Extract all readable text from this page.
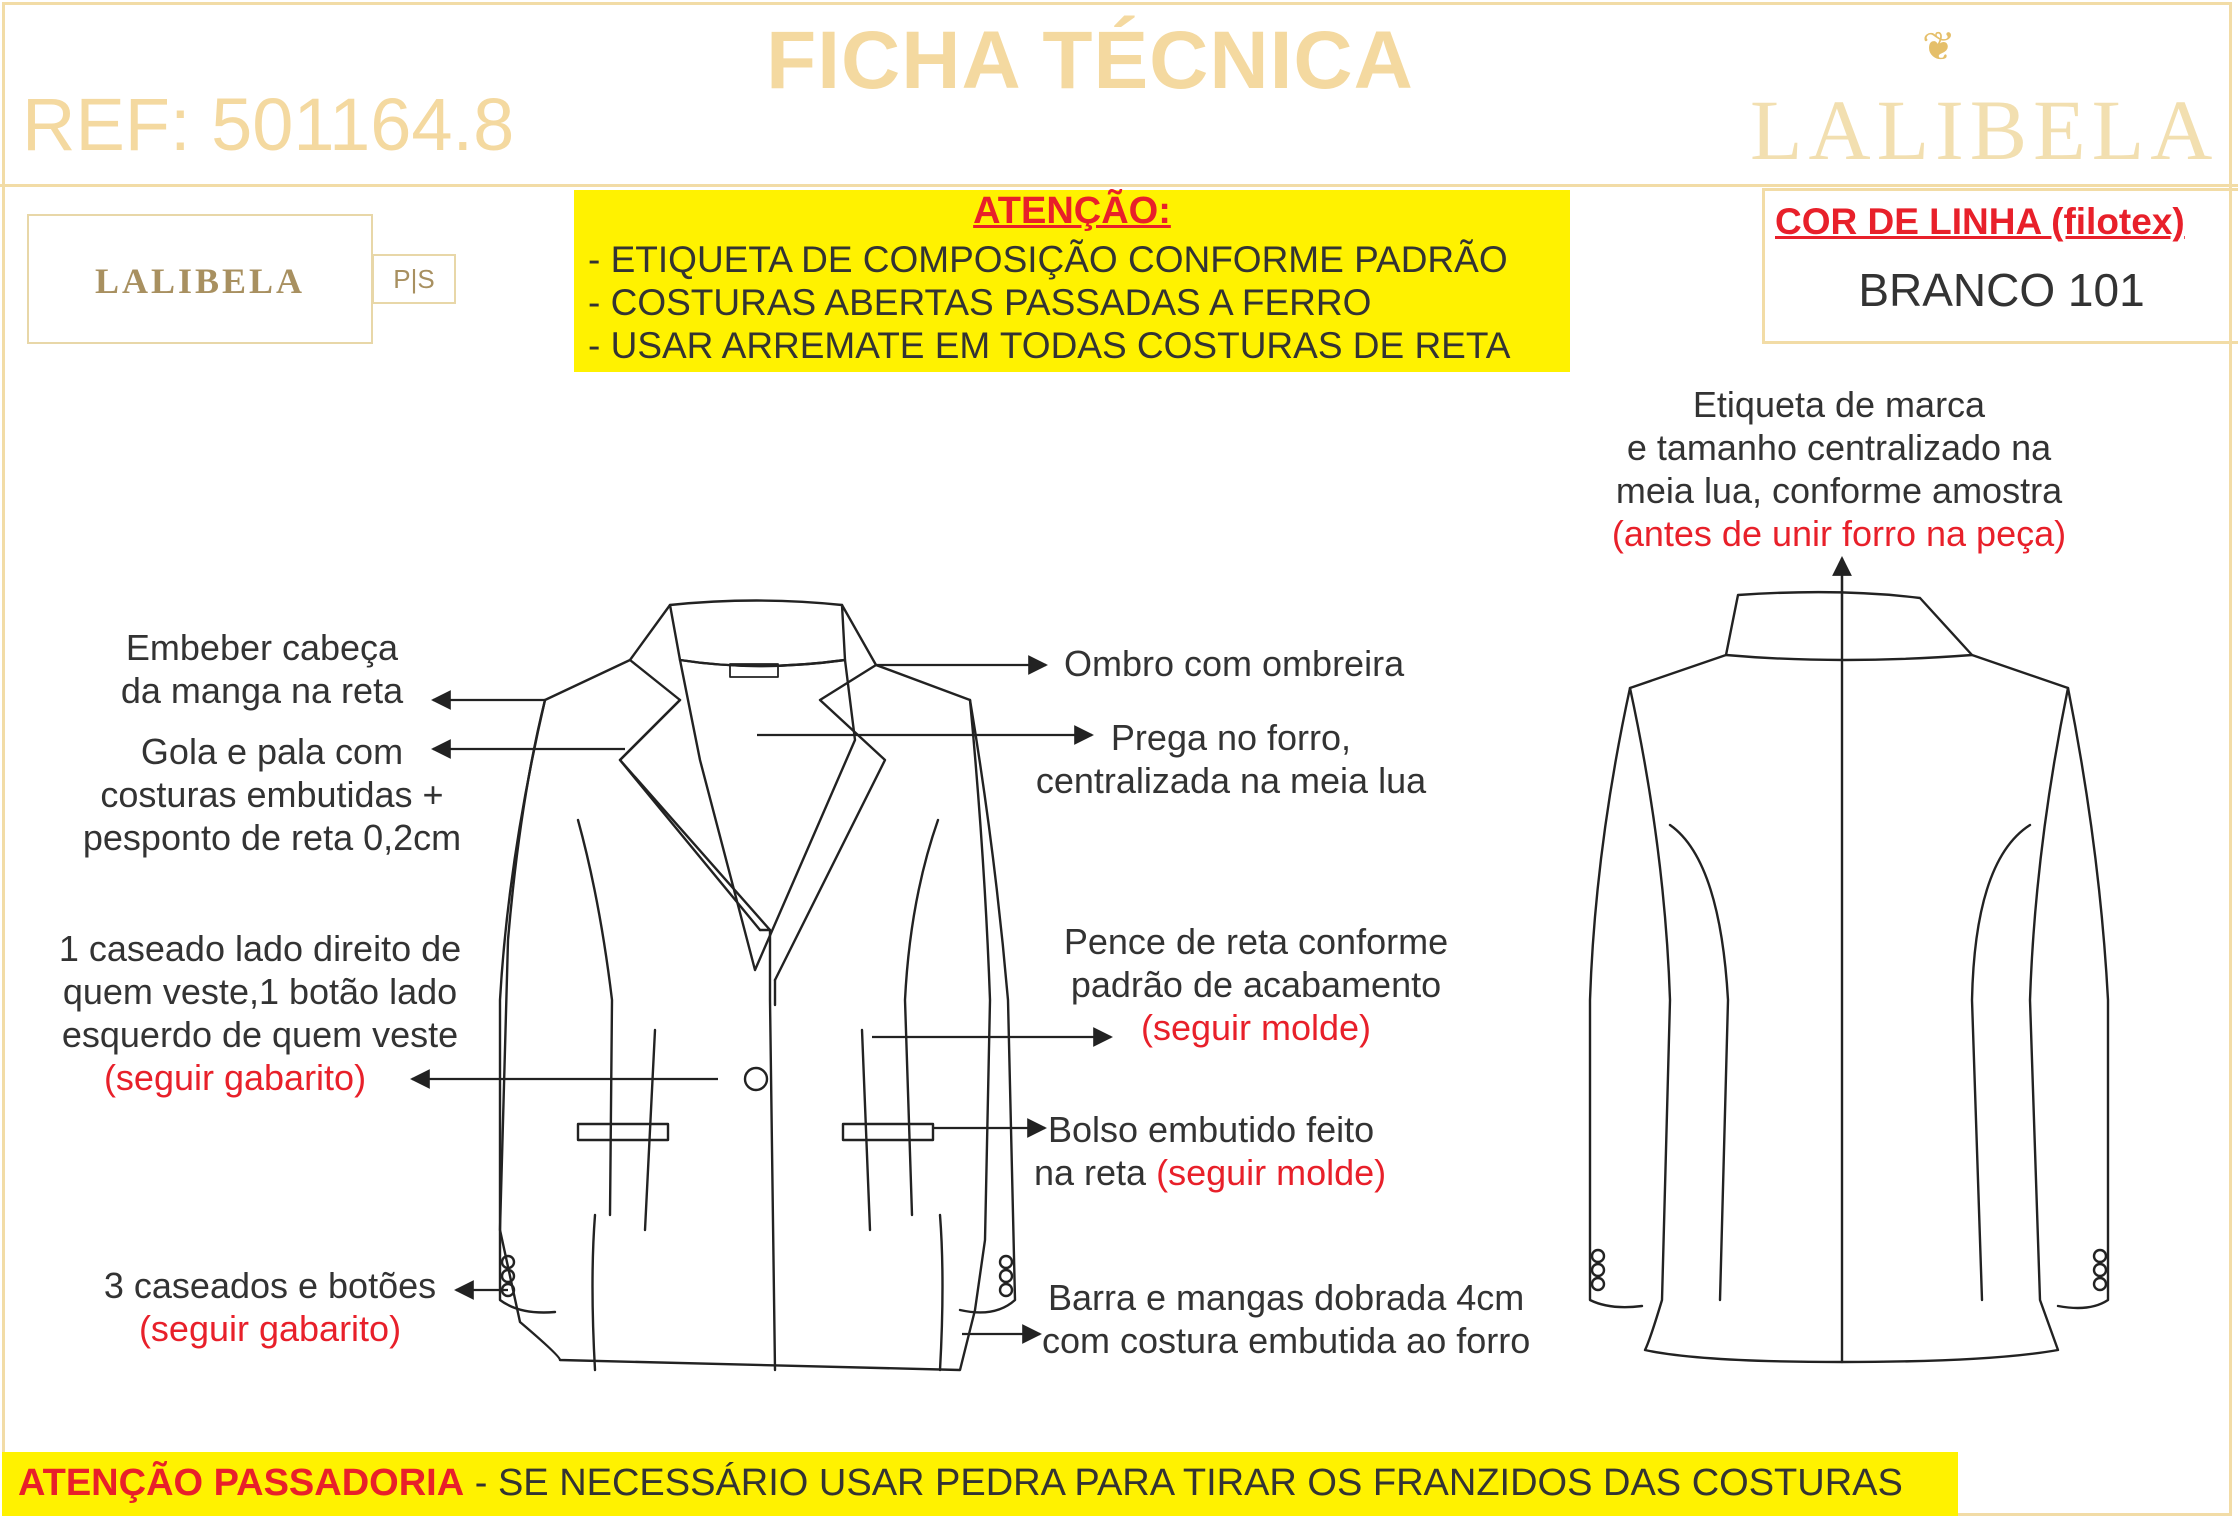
FICHA TÉCNICA
REF: 501164.8
❦
LALIBELA
LALIBELA	P|S
ATENÇÃO:
- ETIQUETA DE COMPOSIÇÃO CONFORME PADRÃO
- COSTURAS ABERTAS PASSADAS A FERRO
- USAR ARREMATE EM TODAS COSTURAS DE RETA
COR DE LINHA (filotex)
BRANCO 101
Embeber cabeça
da manga na reta
Gola e pala com
costuras embutidas +
pesponto de reta 0,2cm
1 caseado lado direito de
quem veste,1 botão lado
esquerdo de quem veste
(seguir gabarito)
3 caseados e botões
(seguir gabarito)
Ombro com ombreira
Prega no forro,
centralizada na meia lua
Pence de reta conforme
padrão de acabamento
(seguir molde)
Bolso embutido feito
na reta (seguir molde)
Barra e mangas dobrada 4cm
com costura embutida ao forro
Etiqueta de marca
e tamanho centralizado na
meia lua, conforme amostra
(antes de unir forro na peça)
ATENÇÃO PASSADORIA - SE NECESSÁRIO USAR PEDRA PARA TIRAR OS FRANZIDOS DAS COSTURAS
